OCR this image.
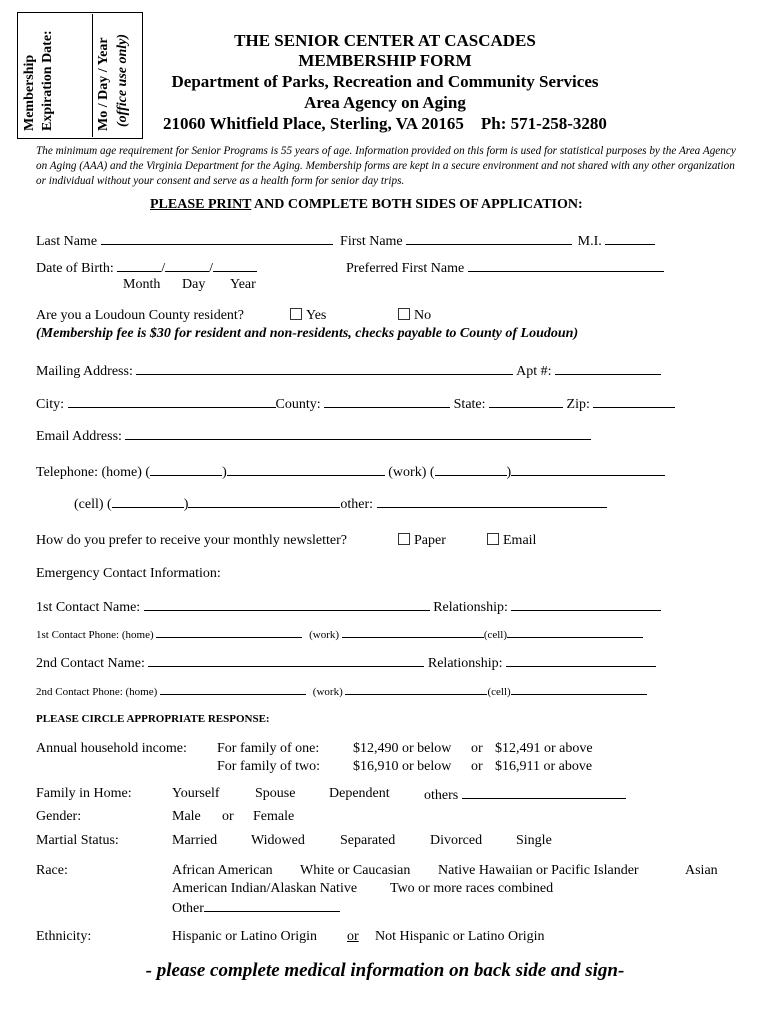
Membership Expiration Date:	Mo / Day / Year (office use only)	THE SENIOR CENTER AT CASCADES
MEMBERSHIP FORM
Department of Parks, Recreation and Community Services
Area Agency on Aging
21060 Whitfield Place, Sterling, VA 20165    Ph: 571-258-3280
The minimum age requirement for Senior Programs is 55 years of age. Information provided on this form is used for statistical purposes by the Area Agency on Aging (AAA) and the Virginia Department for the Aging. Membership forms are kept in a secure environment and not shared with any other organization or individual without your consent and serve as a health form for senior day trips.
PLEASE PRINT AND COMPLETE BOTH SIDES OF APPLICATION:
Last Name	First Name	M.I.
Date of Birth:	/	/	Preferred First Name
Month Day Year
Are you a Loudoun County resident?	Yes	No
(Membership fee is $30 for resident and non-residents, checks payable to County of Loudoun)
Mailing Address:	Apt #:
City:	County:	State:	Zip:
Email Address:
Telephone: (home) (	)	(work) (	)
(cell) (	)	other:
How do you prefer to receive your monthly newsletter?	Paper	Email
Emergency Contact Information:
1st Contact Name:	Relationship:
1st Contact Phone: (home)	(work)	(cell)
2nd Contact Name:	Relationship:
2nd Contact Phone: (home)	(work)	(cell)
PLEASE CIRCLE APPROPRIATE RESPONSE:
Annual household income: For family of one: $12,490 or below or $12,491 or above
For family of two: $16,910 or below or $16,911 or above
Family in Home:	Yourself	Spouse Dependent others
Gender:	Male or Female
Martial Status:	Married Widowed	Separated Divorced Single
Race:	African American White or Caucasian Native Hawaiian or Pacific Islander	Asian
American Indian/Alaskan Native Two or more races combined
Other
Ethnicity:	Hispanic or Latino Origin or Not Hispanic or Latino Origin
- please complete medical information on back side and sign-
